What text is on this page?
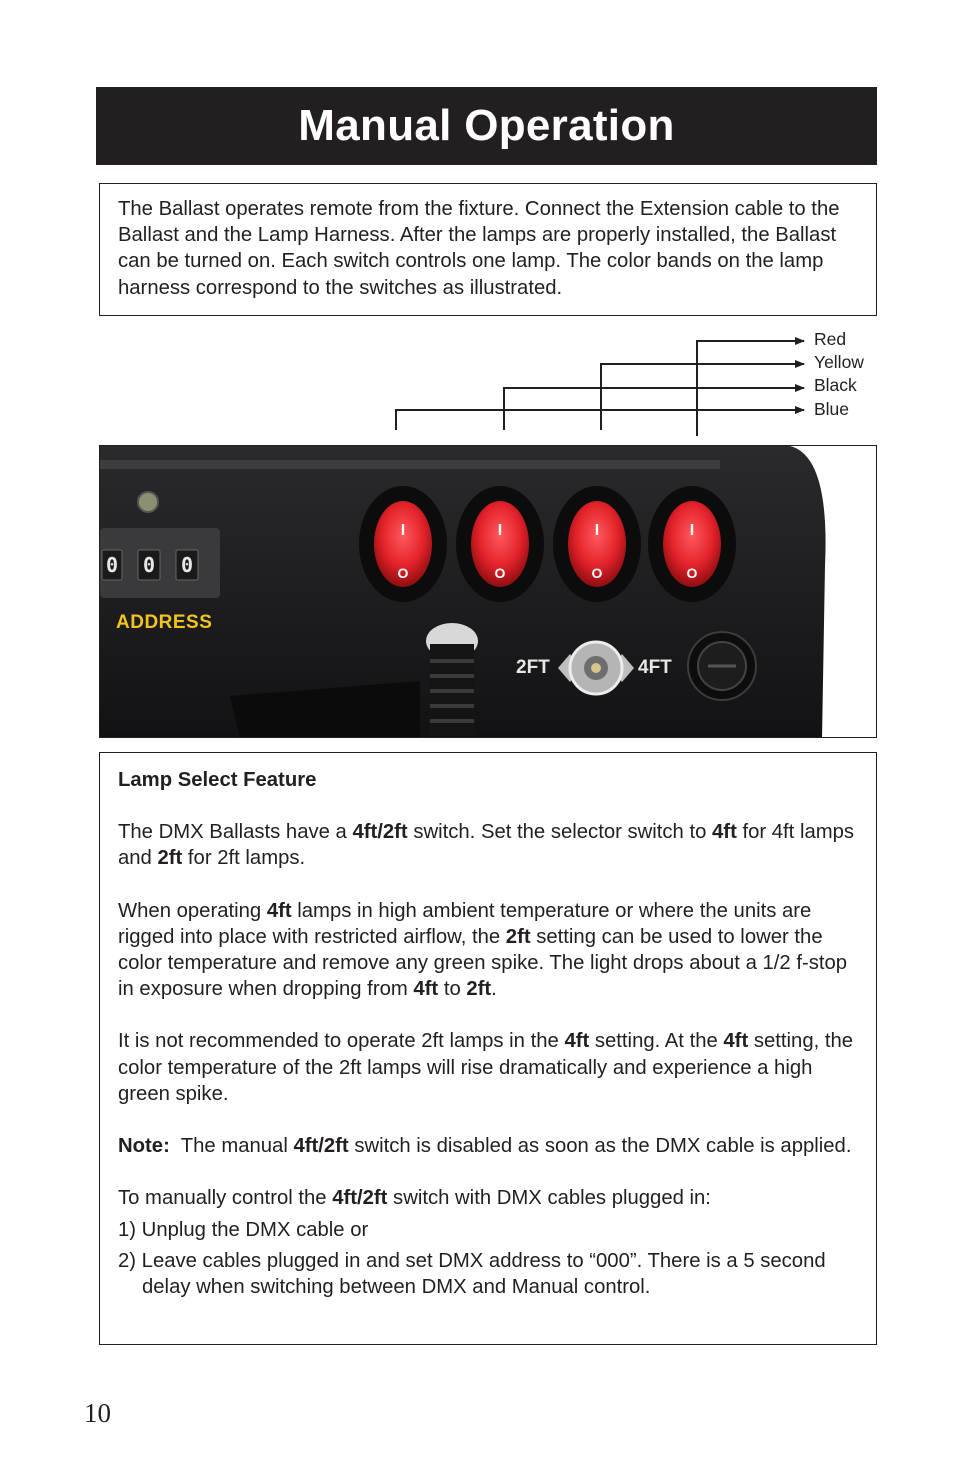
Manual Operation

The Ballast operates remote from the fixture. Connect the Extension cable to the Ballast and the Lamp Harness. After the lamps are properly installed, the Ballast can be turned on. Each switch controls one lamp. The color bands on the lamp harness correspond to the switches as illustrated.

Red
Yellow
Black
Blue
0 0 0
ADDRESS
I
O
I
O
I
O
I
O
2FT	4FT

Lamp Select Feature

The DMX Ballasts have a 4ft/2ft switch. Set the selector switch to 4ft for 4ft lamps and 2ft for 2ft lamps.

When operating 4ft lamps in high ambient temperature or where the units are rigged into place with restricted airflow, the 2ft setting can be used to lower the color temperature and remove any green spike. The light drops about a 1/2 f-stop in exposure when dropping from 4ft to 2ft.

It is not recommended to operate 2ft lamps in the 4ft setting. At the 4ft setting, the color temperature of the 2ft lamps will rise dramatically and experience a high green spike.

Note:  The manual 4ft/2ft switch is disabled as soon as the DMX cable is applied.

To manually control the 4ft/2ft switch with DMX cables plugged in:

1) Unplug the DMX cable or

2) Leave cables plugged in and set DMX address to “000”. There is a 5 second delay when switching between DMX and Manual control.

10
